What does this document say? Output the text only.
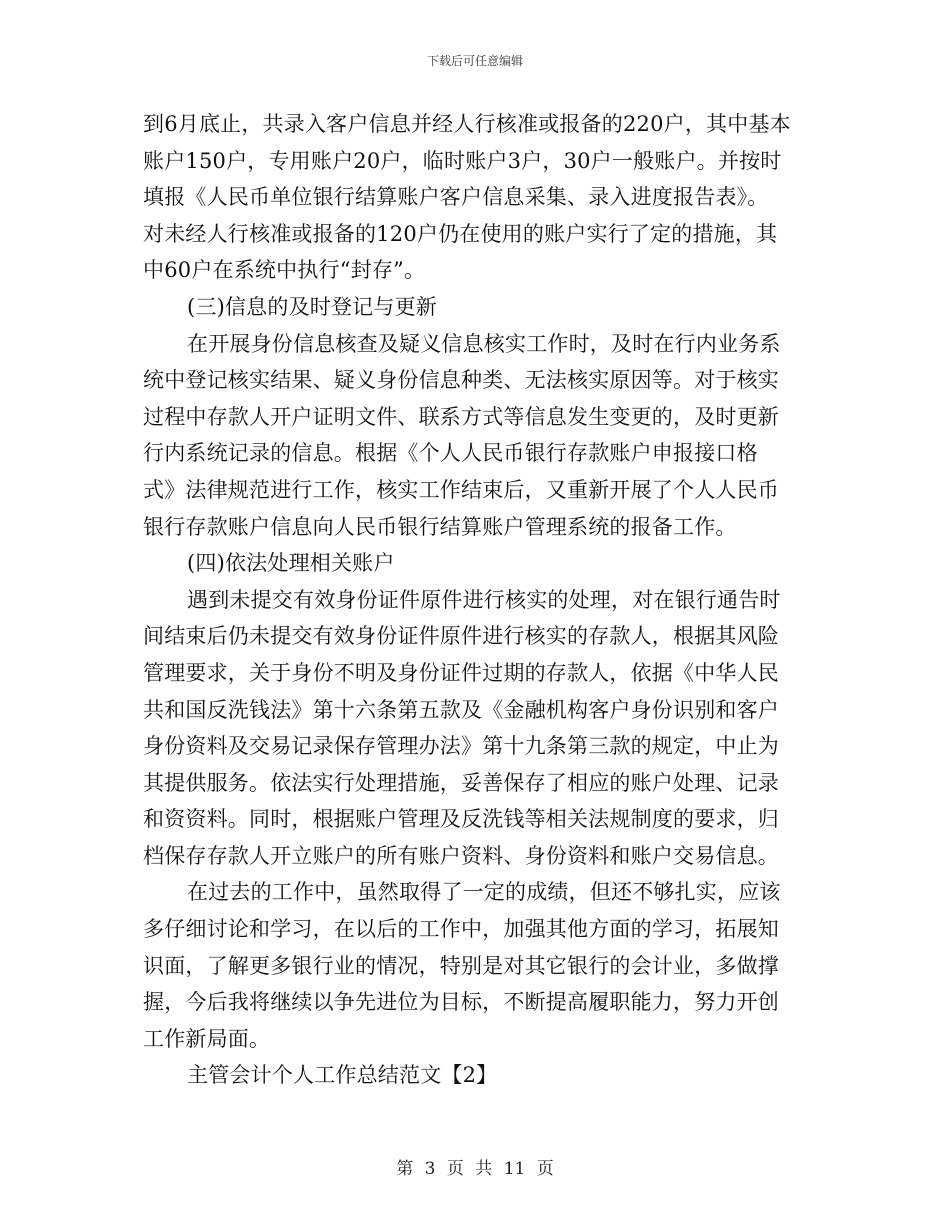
下载后可任意编辑

到6月底止，共录入客户信息并经人行核准或报备的220户，其中基本
账户150户，专用账户20户，临时账户3户，30户一般账户。并按时
填报《人民币单位银行结算账户客户信息采集、录入进度报告表》。
对未经人行核准或报备的120户仍在使用的账户实行了定的措施，其
中60户在系统中执行“封存”。

(三)信息的及时登记与更新

在开展身份信息核查及疑义信息核实工作时，及时在行内业务系
统中登记核实结果、疑义身份信息种类、无法核实原因等。对于核实
过程中存款人开户证明文件、联系方式等信息发生变更的，及时更新
行内系统记录的信息。根据《个人人民币银行存款账户申报接口格
式》法律规范进行工作，核实工作结束后，又重新开展了个人人民币
银行存款账户信息向人民币银行结算账户管理系统的报备工作。

(四)依法处理相关账户

遇到未提交有效身份证件原件进行核实的处理，对在银行通告时
间结束后仍未提交有效身份证件原件进行核实的存款人，根据其风险
管理要求，关于身份不明及身份证件过期的存款人，依据《中华人民
共和国反洗钱法》第十六条第五款及《金融机构客户身份识别和客户
身份资料及交易记录保存管理办法》第十九条第三款的规定，中止为
其提供服务。依法实行处理措施，妥善保存了相应的账户处理、记录
和资资料。同时，根据账户管理及反洗钱等相关法规制度的要求，归
档保存存款人开立账户的所有账户资料、身份资料和账户交易信息。

在过去的工作中，虽然取得了一定的成绩，但还不够扎实，应该
多仔细讨论和学习，在以后的工作中，加强其他方面的学习，拓展知
识面，了解更多银行业的情况，特别是对其它银行的会计业，多做撑
握，今后我将继续以争先进位为目标，不断提高履职能力，努力开创
工作新局面。

主管会计个人工作总结范文【2】

第 3 页 共 11 页
